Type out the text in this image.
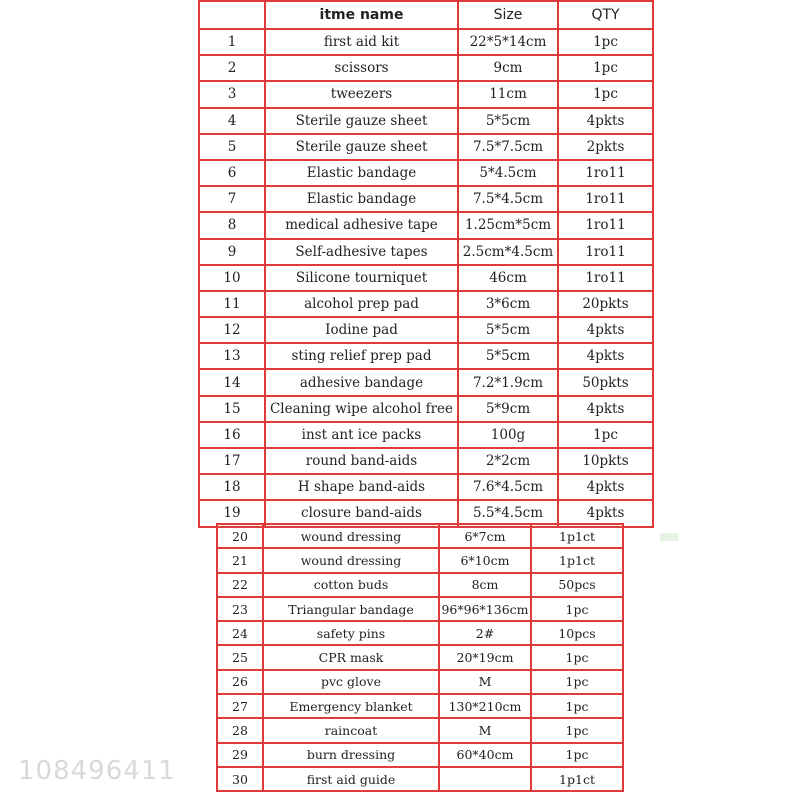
	itme name	Size	QTY
1	first aid kit	22*5*14cm	1pc
2	scissors	9cm	1pc
3	tweezers	11cm	1pc
4	Sterile gauze sheet	5*5cm	4pkts
5	Sterile gauze sheet	7.5*7.5cm	2pkts
6	Elastic bandage	5*4.5cm	1ro11
7	Elastic bandage	7.5*4.5cm	1ro11
8	medical adhesive tape	1.25cm*5cm	1ro11
9	Self-adhesive tapes	2.5cm*4.5cm	1ro11
10	Silicone tourniquet	46cm	1ro11
11	alcohol prep pad	3*6cm	20pkts
12	Iodine pad	5*5cm	4pkts
13	sting relief prep pad	5*5cm	4pkts
14	adhesive bandage	7.2*1.9cm	50pkts
15	Cleaning wipe alcohol free	5*9cm	4pkts
16	inst ant ice packs	100g	1pc
17	round band-aids	2*2cm	10pkts
18	H shape band-aids	7.6*4.5cm	4pkts
19	closure band-aids	5.5*4.5cm	4pkts
20	wound dressing	6*7cm	1p1ct
21	wound dressing	6*10cm	1p1ct
22	cotton buds	8cm	50pcs
23	Triangular bandage	96*96*136cm	1pc
24	safety pins	2#	10pcs
25	CPR mask	20*19cm	1pc
26	pvc glove	M	1pc
27	Emergency blanket	130*210cm	1pc
28	raincoat	M	1pc
29	burn dressing	60*40cm	1pc
30	first aid guide		1p1ct
108496411
